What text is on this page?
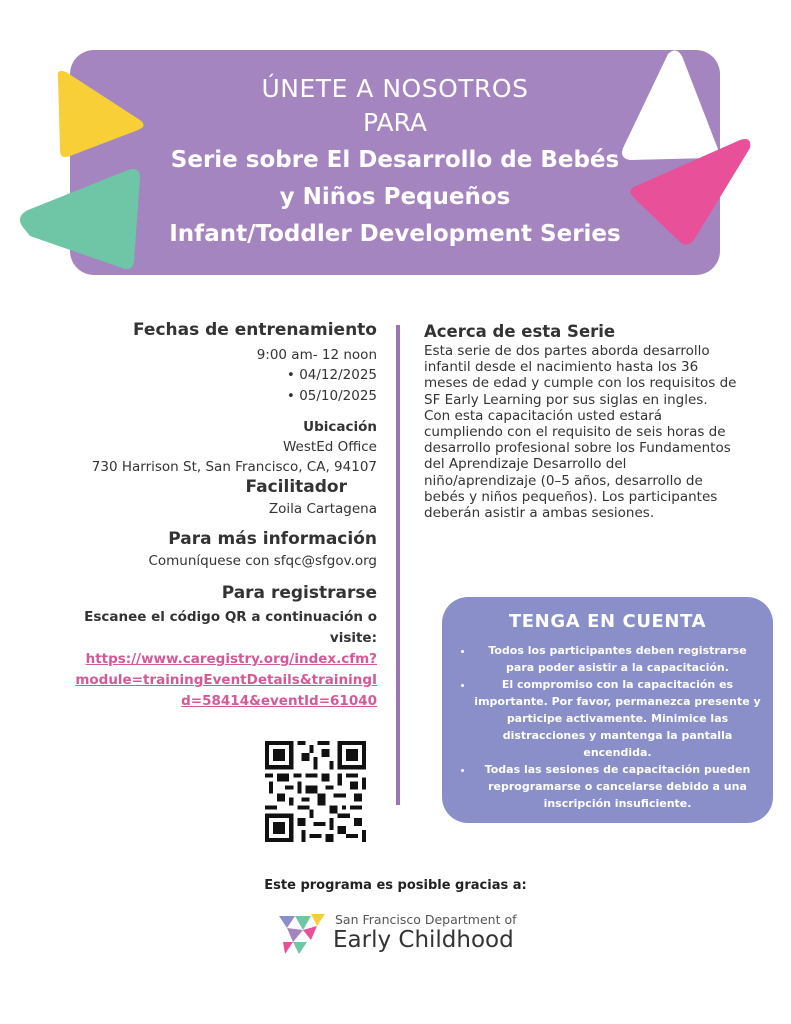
ÚNETE A NOSOTROS
PARA
Serie sobre El Desarrollo de Bebés
y Niños Pequeños
Infant/Toddler Development Series
Fechas de entrenamiento
9:00 am- 12 noon
• 04/12/2025
• 05/10/2025
Ubicación
WestEd Office
730 Harrison St, San Francisco, CA, 94107
Facilitador
Zoila Cartagena
Para más información
Comuníquese con sfqc@sfgov.org
Para registrarse
Escanee el código QR a continuación o
visite:
https://www.caregistry.org/index.cfm?
module=trainingEventDetails&trainingI
d=58414&eventId=61040
Acerca de esta Serie
Esta serie de dos partes aborda desarrollo
infantil desde el nacimiento hasta los 36
meses de edad y cumple con los requisitos de
SF Early Learning por sus siglas en ingles.
Con esta capacitación usted estará
cumpliendo con el requisito de seis horas de
desarrollo profesional sobre los Fundamentos
del Aprendizaje Desarrollo del
niño/aprendizaje (0–5 años, desarrollo de
bebés y niños pequeños). Los participantes
deberán asistir a ambas sesiones.
TENGA EN CUENTA
• Todos los participantes deben registrarse para poder asistir a la capacitación.
• El compromiso con la capacitación es importante. Por favor, permanezca presente y participe activamente. Minimice las distracciones y mantenga la pantalla encendida.
• Todas las sesiones de capacitación pueden reprogramarse o cancelarse debido a una inscripción insuficiente.
Este programa es posible gracias a:
San Francisco Department of
Early Childhood
